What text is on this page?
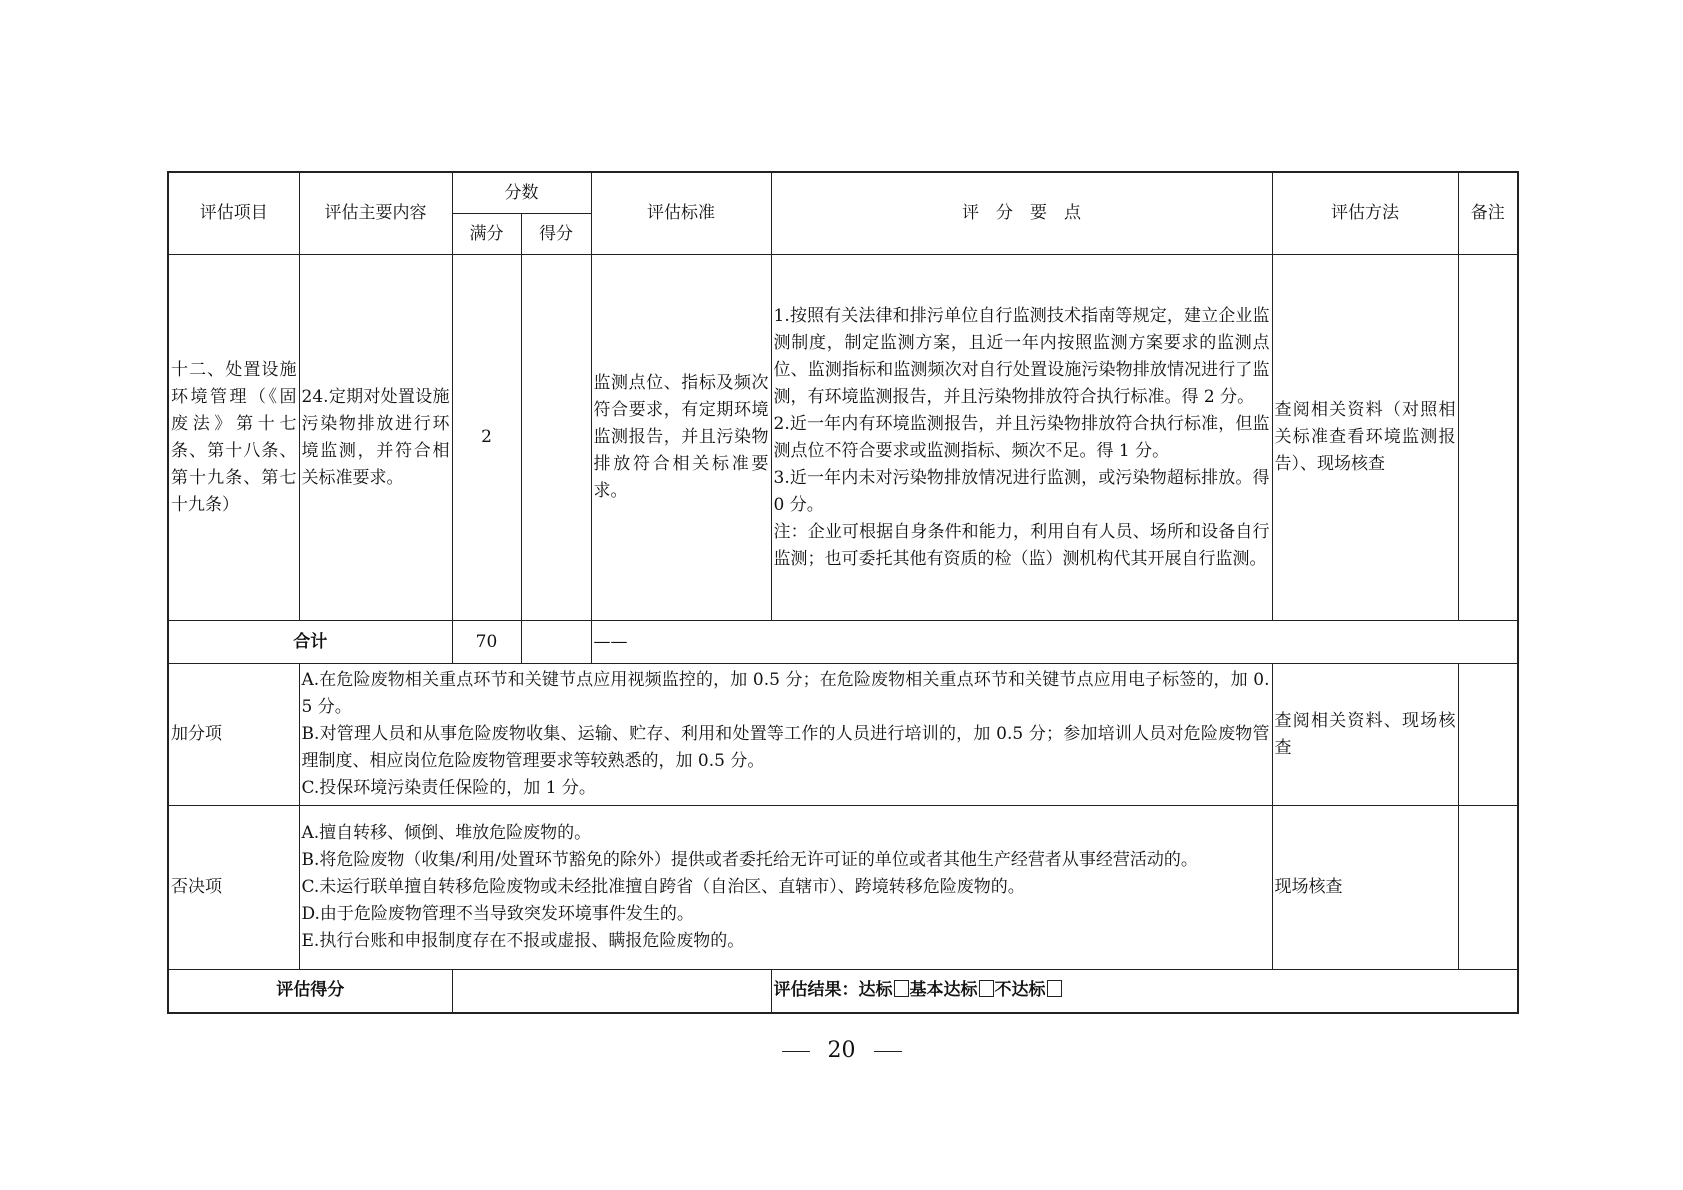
评估项目	评估主要内容	分数		评估标准	评　分　要　点	评估方法	备注
		满分	得分				
十二、处置设施环境管理（《固废法》第十七条、第十八条、第十九条、第七十九条）	24.定期对处置设施污染物排放进行环境监测，并符合相关标准要求。	2		监测点位、指标及频次符合要求，有定期环境监测报告，并且污染物排放符合相关标准要求。	1.按照有关法律和排污单位自行监测技术指南等规定，建立企业监测制度，制定监测方案，且近一年内按照监测方案要求的监测点位、监测指标和监测频次对自行处置设施污染物排放情况进行了监测，有环境监测报告，并且污染物排放符合执行标准。得 2 分。
2.近一年内有环境监测报告，并且污染物排放符合执行标准，但监测点位不符合要求或监测指标、频次不足。得 1 分。
3.近一年内未对污染物排放情况进行监测，或污染物超标排放。得 0 分。
注：企业可根据自身条件和能力，利用自有人员、场所和设备自行监测；也可委托其他有资质的检（监）测机构代其开展自行监测。	查阅相关资料（对照相关标准查看环境监测报告）、现场核查	
合计		70		——			
加分项	A.在危险废物相关重点环节和关键节点应用视频监控的，加 0.5 分；在危险废物相关重点环节和关键节点应用电子标签的，加 0.5 分。
B.对管理人员和从事危险废物收集、运输、贮存、利用和处置等工作的人员进行培训的，加 0.5 分；参加培训人员对危险废物管理制度、相应岗位危险废物管理要求等较熟悉的，加 0.5 分。
C.投保环境污染责任保险的，加 1 分。					查阅相关资料、现场核查	
否决项	A.擅自转移、倾倒、堆放危险废物的。
B.将危险废物（收集/利用/处置环节豁免的除外）提供或者委托给无许可证的单位或者其他生产经营者从事经营活动的。
C.未运行联单擅自转移危险废物或未经批准擅自跨省（自治区、直辖市）、跨境转移危险废物的。
D.由于危险废物管理不当导致突发环境事件发生的。
E.执行台账和申报制度存在不报或虚报、瞒报危险废物的。					现场核查	
评估得分					评估结果：达标 基本达标 不达标		
20
